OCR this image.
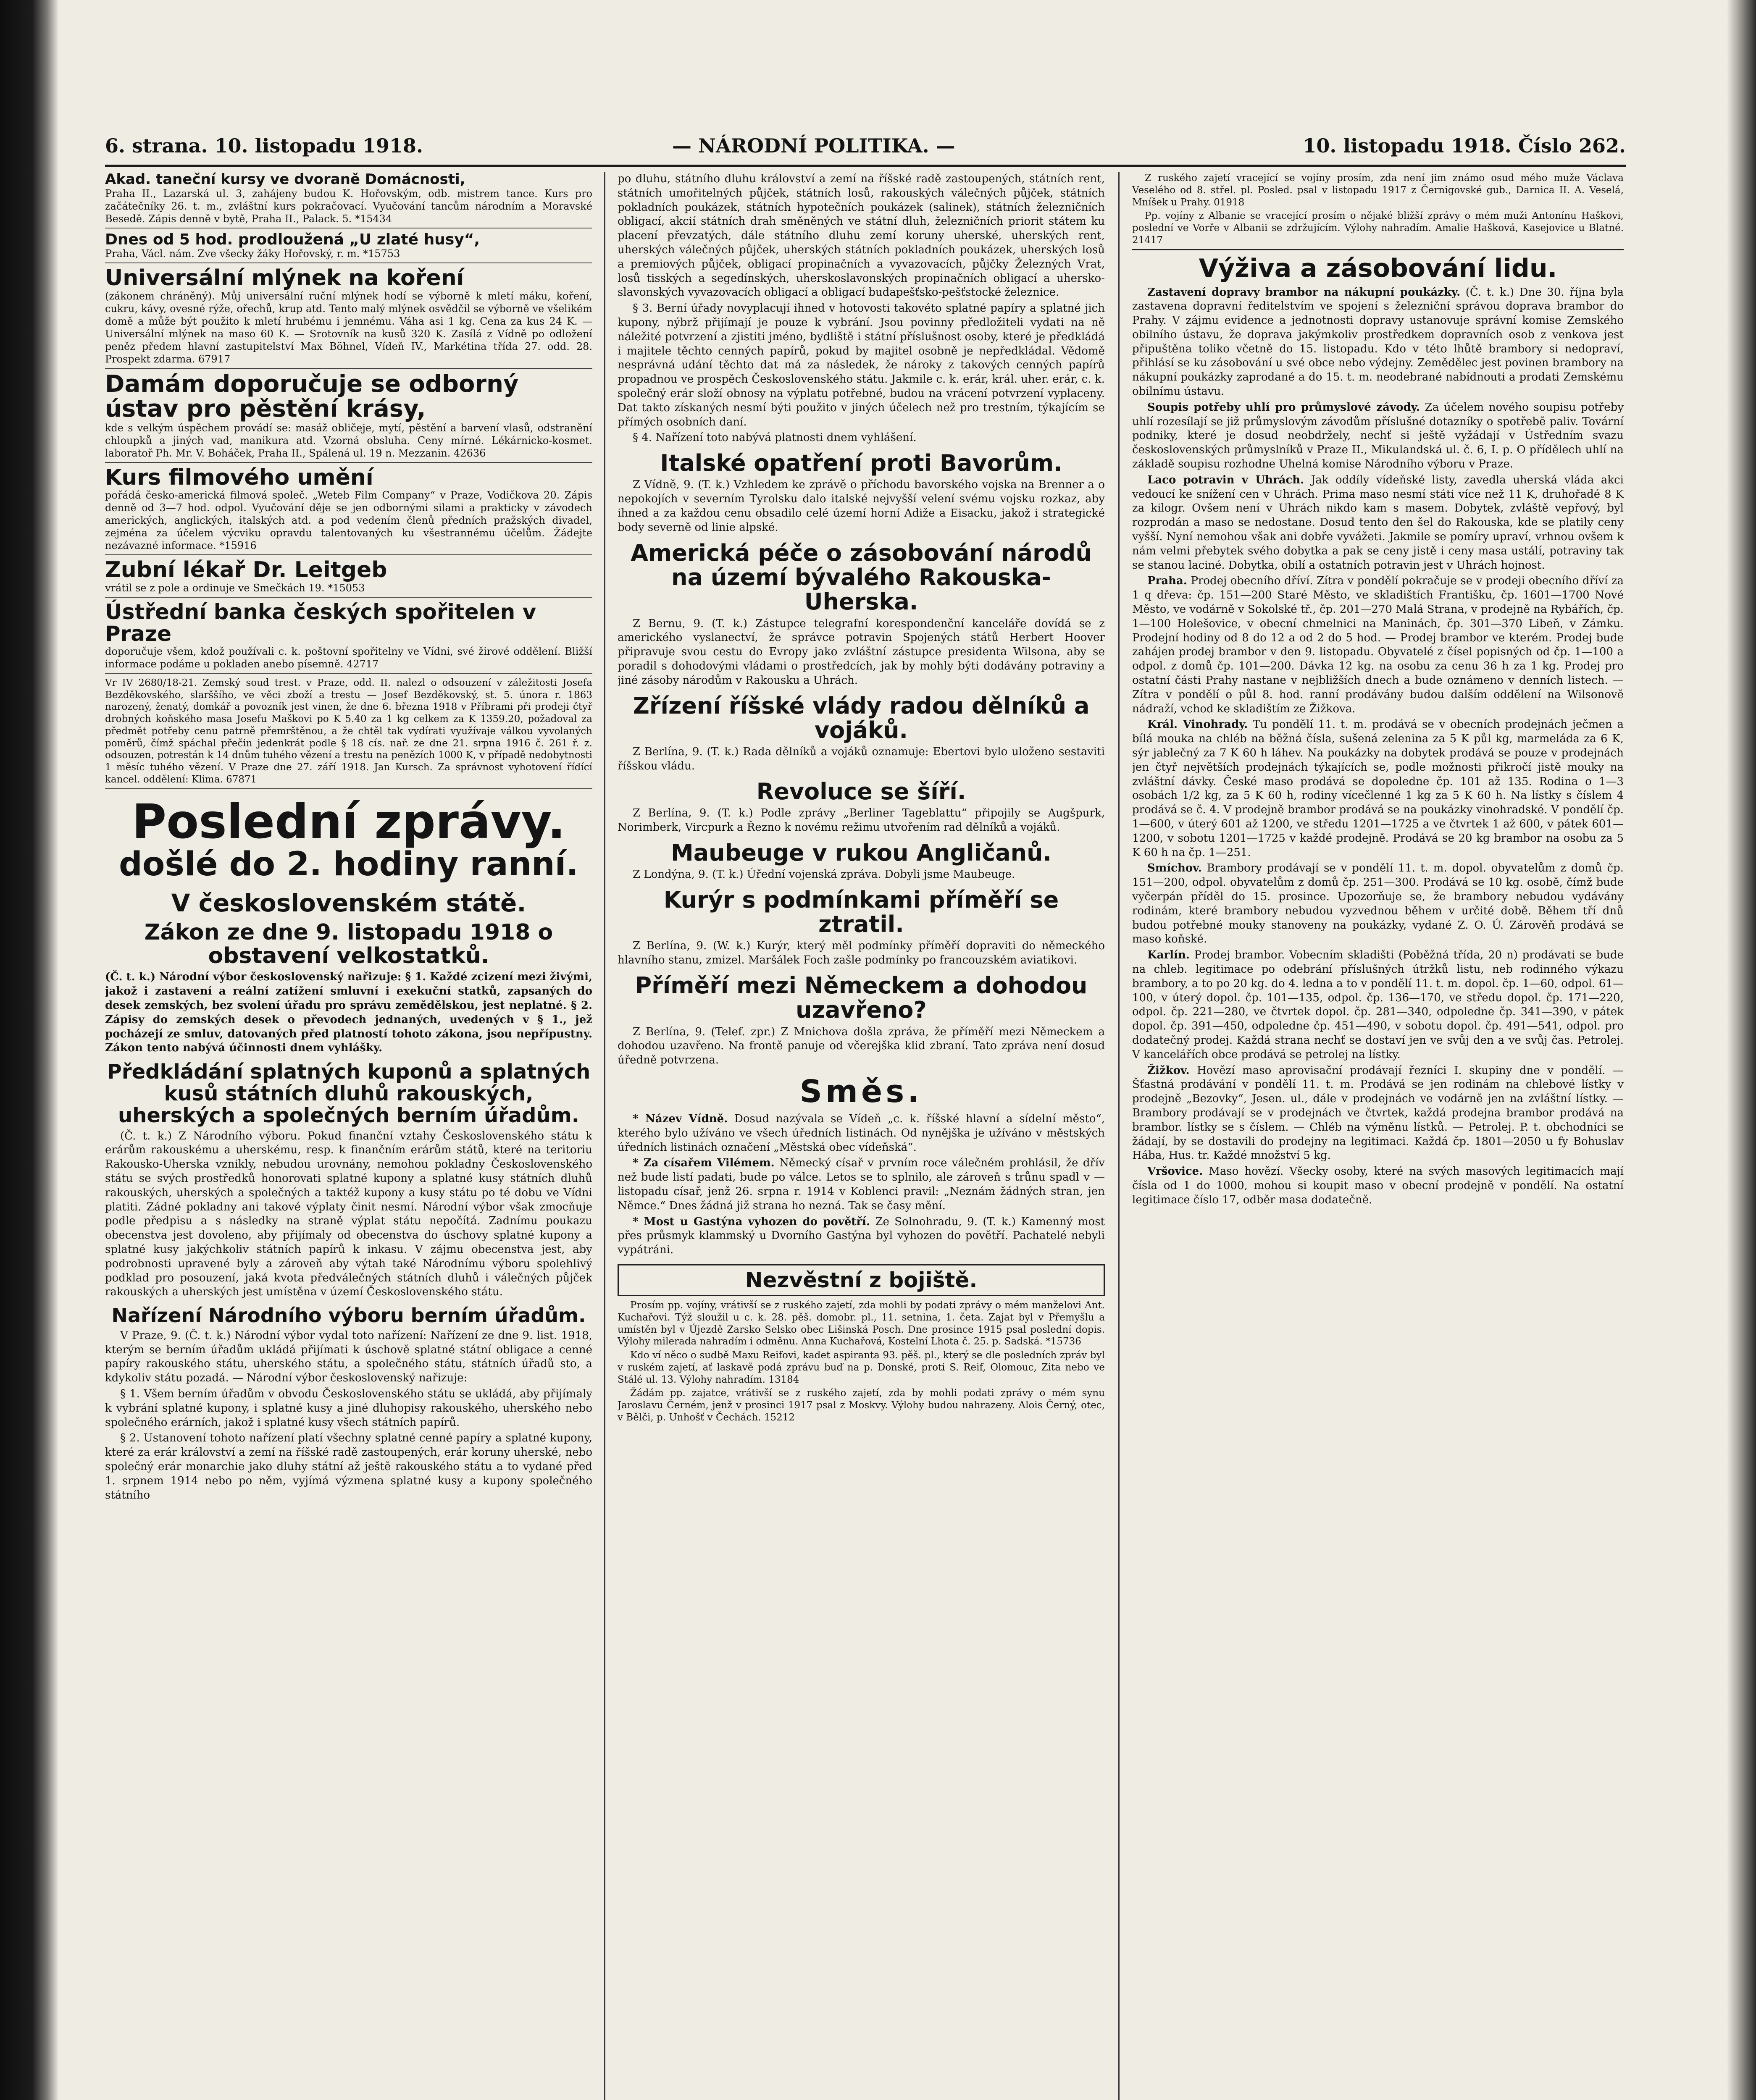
6. strana. 10. listopadu 1918.	— NÁRODNÍ POLITIKA. —	10. listopadu 1918. Číslo 262.
Akad. taneční kursy ve dvoraně Domácnosti,
Praha II., Lazarská ul. 3, zahájeny budou K. Hořovským, odb. mistrem tance. Kurs pro začátečníky 26. t. m., zvláštní kurs pokračovací. Vyučování tancům národním a Moravské Besedě. Zápis denně v bytě, Praha II., Palack. 5. *15434
Dnes od 5 hod. prodloužená „U zlaté husy“,
Praha, Václ. nám. Zve všecky žáky Hořovský, r. m. *15753
Universální mlýnek na koření
(zákonem chráněný). Můj universální ruční mlýnek hodí se výborně k mletí máku, koření, cukru, kávy, ovesné rýže, ořechů, krup atd. Tento malý mlýnek osvědčil se výborně ve všelikém domě a může být použito k mletí hrubému i jemnému. Váha asi 1 kg. Cena za kus 24 K. — Universální mlýnek na maso 60 K. — Srotovník na kusů 320 K. Zasílá z Vídně po odložení peněz předem hlavní zastupitelství Max Böhnel, Vídeň IV., Markétina třída 27. odd. 28. Prospekt zdarma. 67917
Damám doporučuje se odborný ústav pro pěstění krásy,
kde s velkým úspěchem provádí se: masáž obličeje, mytí, pěstění a barvení vlasů, odstranění chloupků a jiných vad, manikura atd. Vzorná obsluha. Ceny mírné. Lékárnicko-kosmet. laboratoř Ph. Mr. V. Boháček, Praha II., Spálená ul. 19 n. Mezzanin. 42636
Kurs filmového umění
pořádá česko-americká filmová společ. „Weteb Film Company“ v Praze, Vodičkova 20. Zápis denně od 3—7 hod. odpol. Vyučování děje se jen odbornými silami a prakticky v závodech amerických, anglických, italských atd. a pod vedením členů předních pražských divadel, zejména za účelem výcviku opravdu talentovaných ku všestrannému účelům. Žádejte nezávazné informace. *15916
Zubní lékař Dr. Leitgeb
vrátil se z pole a ordinuje ve Smečkách 19. *15053
Ústřední banka českých spořitelen v Praze
doporučuje všem, kdož používali c. k. poštovní spořitelny ve Vídni, své žirové oddělení. Bližší informace podáme u pokladen anebo písemně. 42717
Vr IV 2680/18-21. Zemský soud trest. v Praze, odd. II. nalezl o odsouzení v záležitosti Josefa Bezděkovského, slarššího, ve věci zboží a trestu — Josef Bezděkovský, st. 5. února r. 1863 narozený, ženatý, domkář a povozník jest vinen, že dne 6. března 1918 v Příbrami při prodeji čtyř drobných koňského masa Josefu Maškovi po K 5.40 za 1 kg celkem za K 1359.20, požadoval za předmět potřeby cenu patrně přemrštěnou, a že chtěl tak vydírati využívaje válkou vyvolaných poměrů, čímž spáchal přečin jedenkrát podle § 18 cís. nař. ze dne 21. srpna 1916 č. 261 ř. z. odsouzen, potrestán k 14 dnům tuhého vězení a trestu na penězích 1000 K, v případě nedobytnosti 1 měsíc tuhého vězení. V Praze dne 27. září 1918. Jan Kursch. Za správnost vyhotovení řídící kancel. oddělení: Klima. 67871
Poslední zprávy.
došlé do 2. hodiny ranní.
V československém státě.
Zákon ze dne 9. listopadu 1918 o obstavení velkostatků.
(Č. t. k.) Národní výbor československý nařizuje: § 1. Každé zcizení mezi živými, jakož i zastavení a reální zatížení smluvní i exekuční statků, zapsaných do desek zemských, bez svolení úřadu pro správu zemědělskou, jest neplatné. § 2. Zápisy do zemských desek o převodech jednaných, uvedených v § 1., jež pocházejí ze smluv, datovaných před platností tohoto zákona, jsou nepřípustny. Zákon tento nabývá účinnosti dnem vyhlášky.
Předkládání splatných kuponů a splatných kusů státních dluhů rakouských, uherských a společných berním úřadům.

(Č. t. k.) Z Národního výboru. Pokud finanční vztahy Československého státu k erárům rakouskému a uherskému, resp. k finančním erárům států, které na teritoriu Rakousko-Uherska vznikly, nebudou urovnány, nemohou pokladny Československého státu se svých prostředků honorovati splatné kupony a splatné kusy státních dluhů rakouských, uherských a společných a taktéž kupony a kusy státu po té dobu ve Vídni platiti. Zádné pokladny ani takové výplaty činit nesmí. Národní výbor však zmocňuje podle předpisu a s následky na straně výplat státu nepočítá. Zadnímu poukazu obecenstva jest dovoleno, aby přijímaly od obecenstva do úschovy splatné kupony a splatné kusy jakýchkoliv státních papírů k inkasu. V zájmu obecenstva jest, aby podrobnosti upravené byly a zároveň aby výtah také Národnímu výboru spolehlivý podklad pro posouzení, jaká kvota předválečných státních dluhů i válečných půjček rakouských a uherských jest umístěna v území Československého státu.

Nařízení Národního výboru berním úřadům.

V Praze, 9. (Č. t. k.) Národní výbor vydal toto nařízení: Nařízení ze dne 9. list. 1918, kterým se berním úřadům ukládá přijímati k úschově splatné státní obligace a cenné papíry rakouského státu, uherského státu, a společného státu, státních úřadů sto, a kdykoliv státu pozadá. — Národní výbor československý nařizuje:

§ 1. Všem berním úřadům v obvodu Československého státu se ukládá, aby přijímaly k vybrání splatné kupony, i splatné kusy a jiné dluhopisy rakouského, uherského nebo společného erárních, jakož i splatné kusy všech státních papírů.

§ 2. Ustanovení tohoto nařízení platí všechny splatné cenné papíry a splatné kupony, které za erár království a zemí na říšské radě zastoupených, erár koruny uherské, nebo společný erár monarchie jako dluhy státní až ještě rakouského státu a to vydané před 1. srpnem 1914 nebo po něm, vyjímá výzmena splatné kusy a kupony společného státního

po dluhu, státního dluhu království a zemí na říšské radě zastoupených, státních rent, státních umořitelných půjček, státních losů, rakouských válečných půjček, státních pokladních poukázek, státních hypotečních poukázek (salinek), státních železničních obligací, akcií státních drah směněných ve státní dluh, železničních priorit státem ku placení převzatých, dále státního dluhu zemí koruny uherské, uherských rent, uherských válečných půjček, uherských státních pokladních poukázek, uherských losů a premiových půjček, obligací propinačních a vyvazovacích, půjčky Železných Vrat, losů tisských a segedínských, uherskoslavonských propinačních obligací a uhersko-slavonských vyvazovacích obligací a obligací budapešťsko-pešťstocké železnice.

§ 3. Berní úřady novyplacují ihned v hotovosti takovéto splatné papíry a splatné jich kupony, nýbrž přijímají je pouze k vybrání. Jsou povinny předložiteli vydati na ně náležité potvrzení a zjistiti jméno, bydliště i státní příslušnost osoby, které je předkládá i majitele těchto cenných papírů, pokud by majitel osobně je nepředkládal. Vědomě nesprávná udání těchto dat má za následek, že nároky z takových cenných papírů propadnou ve prospěch Československého státu. Jakmile c. k. erár, král. uher. erár, c. k. společný erár složí obnosy na výplatu potřebné, budou na vrácení potvrzení vyplaceny. Dat takto získaných nesmí býti použito v jiných účelech než pro trestním, týkajícím se přímých osobních daní.

§ 4. Nařízení toto nabývá platnosti dnem vyhlášení.

Italské opatření proti Bavorům.

Z Vídně, 9. (T. k.) Vzhledem ke zprávě o příchodu bavorského vojska na Brenner a o nepokojích v severním Tyrolsku dalo italské nejvyšší velení svému vojsku rozkaz, aby ihned a za každou cenu obsadilo celé území horní Adiže a Eisacku, jakož i strategické body severně od linie alpské.

Americká péče o zásobování národů na území bývalého Rakouska-Uherska.

Z Bernu, 9. (T. k.) Zástupce telegrafní korespondenční kanceláře dovídá se z amerického vyslanectví, že správce potravin Spojených států Herbert Hoover připravuje svou cestu do Evropy jako zvláštní zástupce presidenta Wilsona, aby se poradil s dohodovými vládami o prostředcích, jak by mohly býti dodávány potraviny a jiné zásoby národům v Rakousku a Uhrách.

Zřízení říšské vlády radou dělníků a vojáků.

Z Berlína, 9. (T. k.) Rada dělníků a vojáků oznamuje: Ebertovi bylo uloženo sestaviti říšskou vládu.

Revoluce se šíří.

Z Berlína, 9. (T. k.) Podle zprávy „Berliner Tageblattu“ připojily se Augšpurk, Norimberk, Vircpurk a Řezno k novému režimu utvořením rad dělníků a vojáků.

Maubeuge v rukou Angličanů.

Z Londýna, 9. (T. k.) Úřední vojenská zpráva. Dobyli jsme Maubeuge.

Kurýr s podmínkami příměří se ztratil.

Z Berlína, 9. (W. k.) Kurýr, který měl podmínky příměří dopraviti do německého hlavního stanu, zmizel. Maršálek Foch zašle podmínky po francouzském aviatikovi.

Příměří mezi Německem a dohodou uzavřeno?

Z Berlína, 9. (Telef. zpr.) Z Mnichova došla zpráva, že příměří mezi Německem a dohodou uzavřeno. Na frontě panuje od včerejška klid zbraní. Tato zpráva není dosud úředně potvrzena.

Směs.

* Název Vídně. Dosud nazývala se Vídeň „c. k. říšské hlavní a sídelní město“, kterého bylo užíváno ve všech úředních listinách. Od nynějška je užíváno v městských úředních listinách označení „Městská obec vídeňská“.

* Za císařem Vilémem. Německý císař v prvním roce válečném prohlásil, že dřív než bude listí padati, bude po válce. Letos se to splnilo, ale zároveň s trůnu spadl v — listopadu císař, jenž 26. srpna r. 1914 v Koblenci pravil: „Neznám žádných stran, jen Němce.“ Dnes žádná již strana ho nezná. Tak se časy mění.

* Most u Gastýna vyhozen do povětří. Ze Solnohradu, 9. (T. k.) Kamenný most přes průsmyk klammský u Dvorního Gastýna byl vyhozen do povětří. Pachatelé nebyli vypátráni.

Nezvěstní z bojiště.

Prosím pp. vojíny, vrátivší se z ruského zajetí, zda mohli by podati zprávy o mém manželovi Ant. Kuchařovi. Týž sloužil u c. k. 28. pěš. domobr. pl., 11. setnina, 1. četa. Zajat byl v Přemyšlu a umístěn byl v Újezdě Zarsko Selsko obec Lišinská Posch. Dne prosince 1915 psal poslední dopis. Výlohy milerada nahradím i odměnu. Anna Kuchařová, Kostelní Lhota č. 25. p. Sadská. *15736

Kdo ví něco o sudbě Maxu Reifovi, kadet aspiranta 93. pěš. pl., který se dle posledních zpráv byl v ruském zajetí, ať laskavě podá zprávu buď na p. Donské, proti S. Reif, Olomouc, Zita nebo ve Stálé ul. 13. Výlohy nahradím. 13184

Žádám pp. zajatce, vrátivší se z ruského zajetí, zda by mohli podati zprávy o mém synu Jaroslavu Černém, jenž v prosinci 1917 psal z Moskvy. Výlohy budou nahrazeny. Alois Černý, otec, v Bělči, p. Unhošť v Čechách. 15212

Z ruského zajetí vracející se vojíny prosím, zda není jim známo osud mého muže Václava Veselého od 8. střel. pl. Posled. psal v listopadu 1917 z Černigovské gub., Darnica II. A. Veselá, Mníšek u Prahy. 01918

Pp. vojíny z Albanie se vracející prosím o nějaké bližší zprávy o mém muži Antonínu Haškovi, poslední ve Vorře v Albanii se zdržujícím. Výlohy nahradím. Amalie Hašková, Kasejovice u Blatné. 21417

Výživa a zásobování lidu.

Zastavení dopravy brambor na nákupní poukázky. (Č. t. k.) Dne 30. října byla zastavena dopravní ředitelstvím ve spojení s železniční správou doprava brambor do Prahy. V zájmu evidence a jednotnosti dopravy ustanovuje správní komise Zemského obilního ústavu, že doprava jakýmkoliv prostředkem dopravních osob z venkova jest připuštěna toliko včetně do 15. listopadu. Kdo v této lhůtě brambory si nedopraví, přihlásí se ku zásobování u své obce nebo výdejny. Zemědělec jest povinen brambory na nákupní poukázky zaprodané a do 15. t. m. neodebrané nabídnouti a prodati Zemskému obilnímu ústavu.

Soupis potřeby uhlí pro průmyslové závody. Za účelem nového soupisu potřeby uhlí rozesílají se již průmyslovým závodům příslušné dotazníky o spotřebě paliv. Tovární podniky, které je dosud neobdržely, nechť si ještě vyžádají v Ústředním svazu československých průmyslníků v Praze II., Mikulandská ul. č. 6, I. p. O přídělech uhlí na základě soupisu rozhodne Uhelná komise Národního výboru v Praze.

Laco potravin v Uhrách. Jak oddíly vídeňské listy, zavedla uherská vláda akci vedoucí ke snížení cen v Uhrách. Prima maso nesmí státi více než 11 K, druhořadé 8 K za kilogr. Ovšem není v Uhrách nikdo kam s masem. Dobytek, zvláště vepřový, byl rozprodán a maso se nedostane. Dosud tento den šel do Rakouska, kde se platily ceny vyšší. Nyní nemohou však ani dobře vyvážeti. Jakmile se pomíry upraví, vrhnou ovšem k nám velmi přebytek svého dobytka a pak se ceny jistě i ceny masa ustálí, potraviny tak se stanou laciné. Dobytka, obilí a ostatních potravin jest v Uhrách hojnost.

Praha. Prodej obecního dříví. Zítra v pondělí pokračuje se v prodeji obecního dříví za 1 q dřeva: čp. 151—200 Staré Město, ve skladištích Františku, čp. 1601—1700 Nové Město, ve vodárně v Sokolské tř., čp. 201—270 Malá Strana, v prodejně na Rybářích, čp. 1—100 Holešovice, v obecní chmelnici na Maninách, čp. 301—370 Libeň, v Zámku. Prodejní hodiny od 8 do 12 a od 2 do 5 hod. — Prodej brambor ve kterém. Prodej bude zahájen prodej brambor v den 9. listopadu. Obyvatelé z čísel popisných od čp. 1—100 a odpol. z domů čp. 101—200. Dávka 12 kg. na osobu za cenu 36 h za 1 kg. Prodej pro ostatní části Prahy nastane v nejbližších dnech a bude oznámeno v denních listech. — Zítra v pondělí o půl 8. hod. ranní prodávány budou dalším oddělení na Wilsonově nádraží, vchod ke skladištím ze Žižkova.

Král. Vinohrady. Tu pondělí 11. t. m. prodává se v obecních prodejnách ječmen a bílá mouka na chléb na běžná čísla, sušená zelenina za 5 K půl kg, marmeláda za 6 K, sýr jablečný za 7 K 60 h láhev. Na poukázky na dobytek prodává se pouze v prodejnách jen čtyř největších prodejnách týkajících se, podle možnosti přikročí jistě mouky na zvláštní dávky. České maso prodává se dopoledne čp. 101 až 135. Rodina o 1—3 osobách 1/2 kg, za 5 K 60 h, rodiny vícečlenné 1 kg za 5 K 60 h. Na lístky s číslem 4 prodává se č. 4. V prodejně brambor prodává se na poukázky vinohradské. V pondělí čp. 1—600, v úterý 601 až 1200, ve středu 1201—1725 a ve čtvrtek 1 až 600, v pátek 601—1200, v sobotu 1201—1725 v každé prodejně. Prodává se 20 kg brambor na osobu za 5 K 60 h na čp. 1—251.

Smíchov. Brambory prodávají se v pondělí 11. t. m. dopol. obyvatelům z domů čp. 151—200, odpol. obyvatelům z domů čp. 251—300. Prodává se 10 kg. osobě, čímž bude vyčerpán příděl do 15. prosince. Upozorňuje se, že brambory nebudou vydávány rodinám, které brambory nebudou vyzvednou během v určité době. Během tří dnů budou potřebné mouky stanoveny na poukázky, vydané Z. O. Ú. Zárověň prodává se maso koňské.

Karlín. Prodej brambor. Vobecním skladišti (Poběžná třída, 20 n) prodávati se bude na chleb. legitimace po odebrání příslušných útržků listu, neb rodinného výkazu brambory, a to po 20 kg. do 4. ledna a to v pondělí 11. t. m. dopol. čp. 1—60, odpol. 61—100, v úterý dopol. čp. 101—135, odpol. čp. 136—170, ve středu dopol. čp. 171—220, odpol. čp. 221—280, ve čtvrtek dopol. čp. 281—340, odpoledne čp. 341—390, v pátek dopol. čp. 391—450, odpoledne čp. 451—490, v sobotu dopol. čp. 491—541, odpol. pro dodatečný prodej. Každá strana nechť se dostaví jen ve svůj den a ve svůj čas. Petrolej. V kancelářích obce prodává se petrolej na lístky.

Žižkov. Hovězí maso aprovisační prodávají řezníci I. skupiny dne v pondělí. — Šťastná prodávání v pondělí 11. t. m. Prodává se jen rodinám na chlebové lístky v prodejně „Bezovky“, Jesen. ul., dále v prodejnách ve vodárně jen na zvláštní lístky. — Brambory prodávají se v prodejnách ve čtvrtek, každá prodejna brambor prodává na brambor. lístky se s číslem. — Chléb na výměnu lístků. — Petrolej. P. t. obchodníci se žádají, by se dostavili do prodejny na legitimaci. Každá čp. 1801—2050 u fy Bohuslav Hába, Hus. tr. Každé množství 5 kg.

Vršovice. Maso hovězí. Všecky osoby, které na svých masových legitimacích mají čísla od 1 do 1000, mohou si koupit maso v obecní prodejně v pondělí. Na ostatní legitimace číslo 17, odběr masa dodatečně.
